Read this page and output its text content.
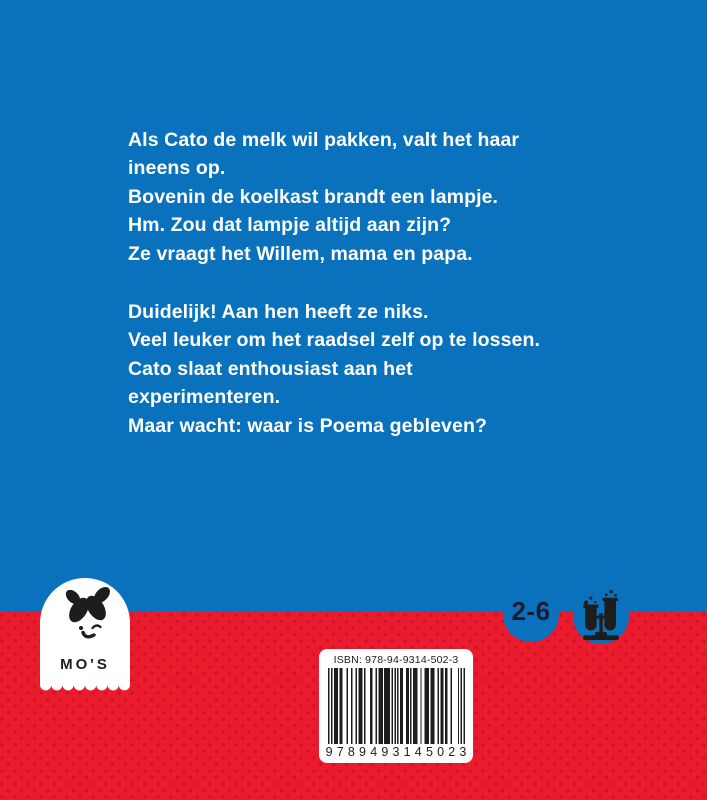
Als Cato de melk wil pakken, valt het haar
ineens op.
Bovenin de koelkast brandt een lampje.
Hm. Zou dat lampje altijd aan zijn?
Ze vraagt het Willem, mama en papa.
Duidelijk! Aan hen heeft ze niks.
Veel leuker om het raadsel zelf op te lossen.
Cato slaat enthousiast aan het
experimenteren.
Maar wacht: waar is Poema gebleven?
MO'S
2-6
ISBN: 978-94-9314-502-3
9789493145023
